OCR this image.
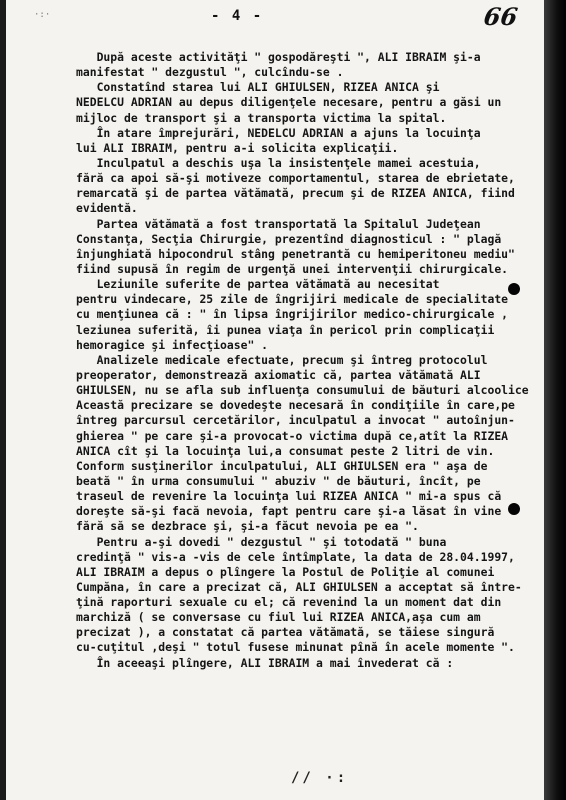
·:·	- 4 -	66
După aceste activităţi " gospodăreşti ", ALI IBRAIM şi-a
manifestat " dezgustul ", culcîndu-se .
Constatînd starea lui ALI GHIULSEN, RIZEA ANICA şi
NEDELCU ADRIAN au depus diligenţele necesare, pentru a găsi un
mijloc de transport şi a transporta victima la spital.
În atare împrejurări, NEDELCU ADRIAN a ajuns la locuinţa
lui ALI IBRAIM, pentru a-i solicita explicaţii.
Inculpatul a deschis uşa la insistenţele mamei acestuia,
fără ca apoi să-şi motiveze comportamentul, starea de ebrietate,
remarcată şi de partea vătămată, precum şi de RIZEA ANICA, fiind
evidentă.
Partea vătămată a fost transportată la Spitalul Judeţean
Constanţa, Secţia Chirurgie, prezentînd diagnosticul : " plagă
înjunghiată hipocondrul stâng penetrantă cu hemiperitoneu mediu"
fiind supusă în regim de urgenţă unei intervenţii chirurgicale.
Leziunile suferite de partea vătămată au necesitat
pentru vindecare, 25 zile de îngrijiri medicale de specialitate
cu menţiunea că : " în lipsa îngrijirilor medico-chirurgicale ,
leziunea suferită, îi punea viaţa în pericol prin complicaţii
hemoragice şi infecţioase" .
Analizele medicale efectuate, precum şi întreg protocolul
preoperator, demonstrează axiomatic că, partea vătămată ALI
GHIULSEN, nu se afla sub influenţa consumului de băuturi alcoolice
Această precizare se dovedeşte necesară în condiţiile în care,pe
întreg parcursul cercetărilor, inculpatul a invocat " autoînjun-
ghierea " pe care şi-a provocat-o victima după ce,atît la RIZEA
ANICA cît şi la locuinţa lui,a consumat peste 2 litri de vin.
Conform susţinerilor inculpatului, ALI GHIULSEN era " aşa de
beată " în urma consumului " abuziv " de băuturi, încît, pe
traseul de revenire la locuinţa lui RIZEA ANICA " mi-a spus că
doreşte să-şi facă nevoia, fapt pentru care şi-a lăsat în vine
fără să se dezbrace şi, şi-a făcut nevoia pe ea ".
Pentru a-şi dovedi " dezgustul " şi totodată " buna
credinţă " vis-a -vis de cele întîmplate, la data de 28.04.1997,
ALI IBRAIM a depus o plîngere la Postul de Poliţie al comunei
Cumpăna, în care a precizat că, ALI GHIULSEN a acceptat să între-
ţină raporturi sexuale cu el; că revenind la un moment dat din
marchiză ( se conversase cu fiul lui RIZEA ANICA,aşa cum am
precizat ), a constatat că partea vătămată, se tăiese singură
cu-cuţitul ,deşi " totul fusese minunat pînă în acele momente ".
În aceeaşi plîngere, ALI IBRAIM a mai învederat că :
// ·:
